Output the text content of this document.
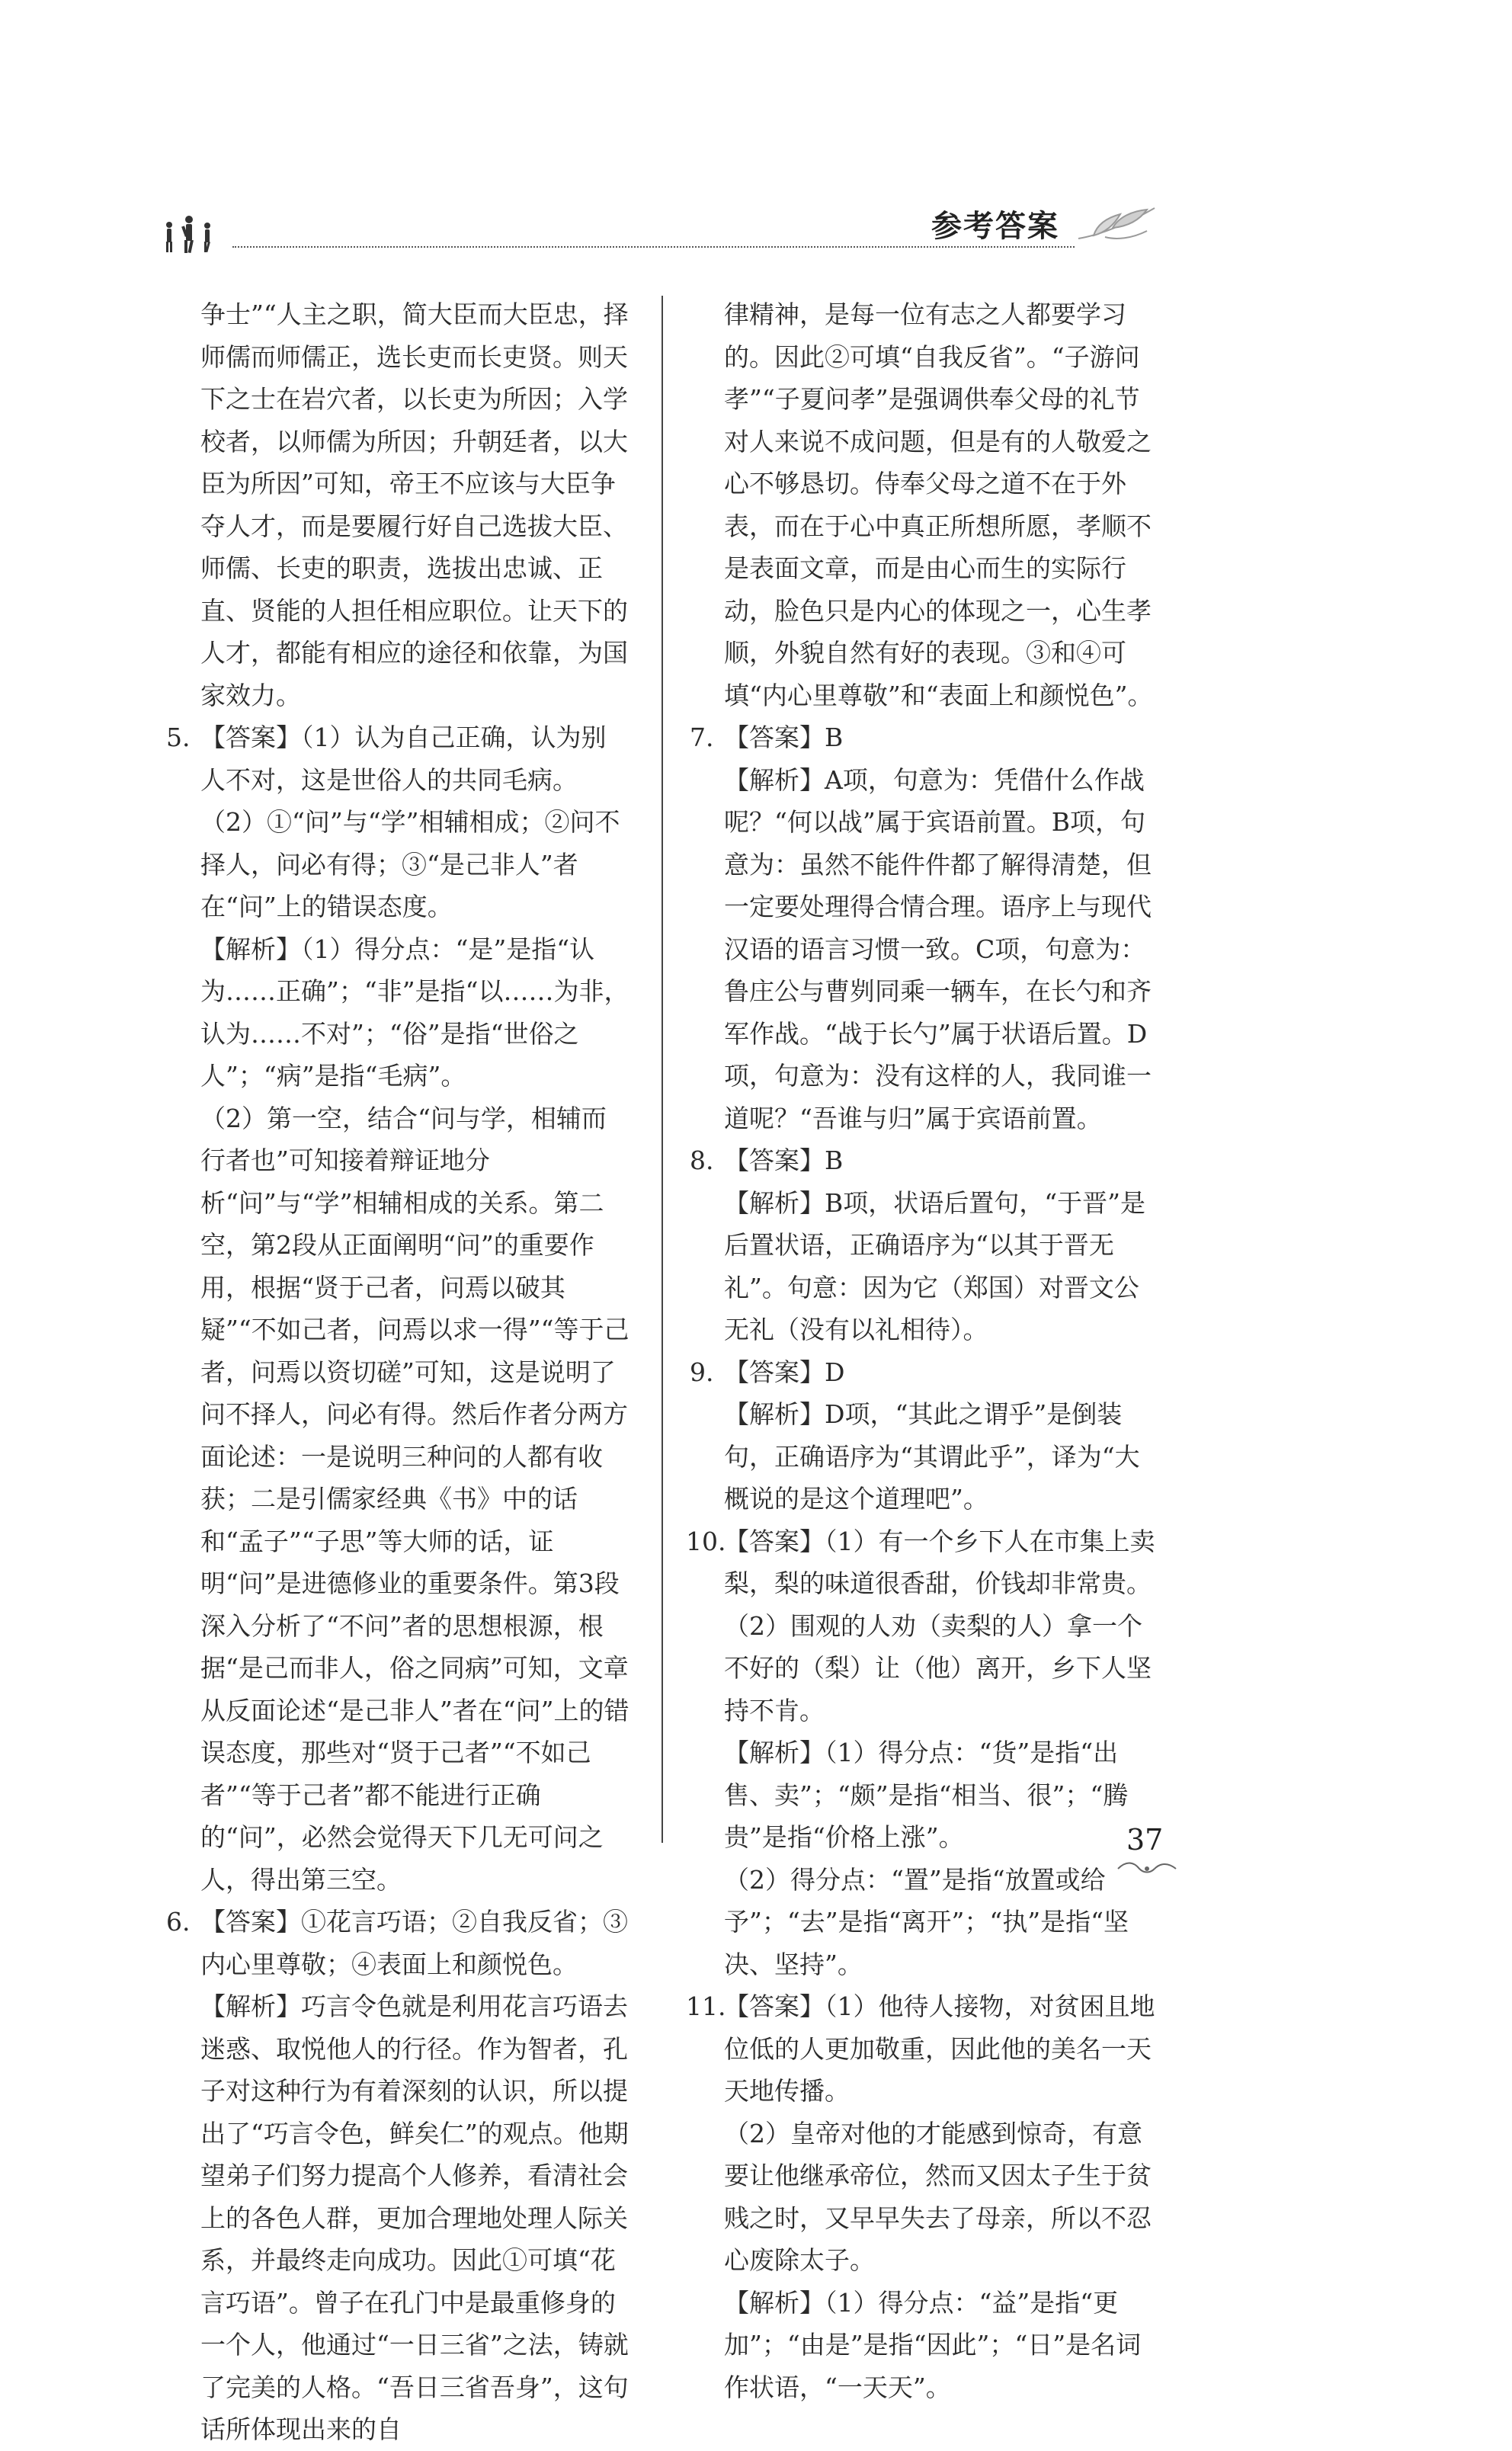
参考答案

争士”“人主之职，简大臣而大臣忠，择师儒而师儒正，选长吏而长吏贤。则天下之士在岩穴者，以长吏为所因；入学校者，以师儒为所因；升朝廷者，以大臣为所因”可知，帝王不应该与大臣争夺人才，而是要履行好自己选拔大臣、师儒、长吏的职责，选拔出忠诚、正直、贤能的人担任相应职位。让天下的人才，都能有相应的途径和依靠，为国家效力。

5. 【答案】（1）认为自己正确，认为别人不对，这是世俗人的共同毛病。

（2）①“问”与“学”相辅相成；②问不择人，问必有得；③“是己非人”者在“问”上的错误态度。

【解析】（1）得分点：“是”是指“认为……正确”；“非”是指“以……为非，认为……不对”；“俗”是指“世俗之人”；“病”是指“毛病”。

（2）第一空，结合“问与学，相辅而行者也”可知接着辩证地分析“问”与“学”相辅相成的关系。第二空，第2段从正面阐明“问”的重要作用，根据“贤于己者，问焉以破其疑”“不如己者，问焉以求一得”“等于己者，问焉以资切磋”可知，这是说明了问不择人，问必有得。然后作者分两方面论述：一是说明三种问的人都有收获；二是引儒家经典《书》中的话和“孟子”“子思”等大师的话，证明“问”是进德修业的重要条件。第3段深入分析了“不问”者的思想根源，根据“是己而非人，俗之同病”可知，文章从反面论述“是己非人”者在“问”上的错误态度，那些对“贤于己者”“不如己者”“等于己者”都不能进行正确的“问”，必然会觉得天下几无可问之人，得出第三空。

6. 【答案】①花言巧语；②自我反省；③内心里尊敬；④表面上和颜悦色。

【解析】巧言令色就是利用花言巧语去迷惑、取悦他人的行径。作为智者，孔子对这种行为有着深刻的认识，所以提出了“巧言令色，鲜矣仁”的观点。他期望弟子们努力提高个人修养，看清社会上的各色人群，更加合理地处理人际关系，并最终走向成功。因此①可填“花言巧语”。曾子在孔门中是最重修身的一个人，他通过“一日三省”之法，铸就了完美的人格。“吾日三省吾身”，这句话所体现出来的自

律精神，是每一位有志之人都要学习的。因此②可填“自我反省”。“子游问孝”“子夏问孝”是强调供奉父母的礼节对人来说不成问题，但是有的人敬爱之心不够恳切。侍奉父母之道不在于外表，而在于心中真正所想所愿，孝顺不是表面文章，而是由心而生的实际行动，脸色只是内心的体现之一，心生孝顺，外貌自然有好的表现。③和④可填“内心里尊敬”和“表面上和颜悦色”。

7. 【答案】B

【解析】A项，句意为：凭借什么作战呢？“何以战”属于宾语前置。B项，句意为：虽然不能件件都了解得清楚，但一定要处理得合情合理。语序上与现代汉语的语言习惯一致。C项，句意为：鲁庄公与曹刿同乘一辆车，在长勺和齐军作战。“战于长勺”属于状语后置。D项，句意为：没有这样的人，我同谁一道呢？“吾谁与归”属于宾语前置。

8. 【答案】B

【解析】B项，状语后置句，“于晋”是后置状语，正确语序为“以其于晋无礼”。句意：因为它（郑国）对晋文公无礼（没有以礼相待）。

9. 【答案】D

【解析】D项，“其此之谓乎”是倒装句，正确语序为“其谓此乎”，译为“大概说的是这个道理吧”。

10.
【答案】（1）有一个乡下人在市集上卖梨，梨的味道很香甜，价钱却非常贵。

（2）围观的人劝（卖梨的人）拿一个不好的（梨）让（他）离开，乡下人坚持不肯。

【解析】（1）得分点：“货”是指“出售、卖”；“颇”是指“相当、很”；“腾贵”是指“价格上涨”。

（2）得分点：“置”是指“放置或给予”；“去”是指“离开”；“执”是指“坚决、坚持”。

11.
【答案】（1）他待人接物，对贫困且地位低的人更加敬重，因此他的美名一天天地传播。

（2）皇帝对他的才能感到惊奇，有意要让他继承帝位，然而又因太子生于贫贱之时，又早早失去了母亲，所以不忍心废除太子。

【解析】（1）得分点：“益”是指“更加”；“由是”是指“因此”；“日”是名词作状语，“一天天”。

37
